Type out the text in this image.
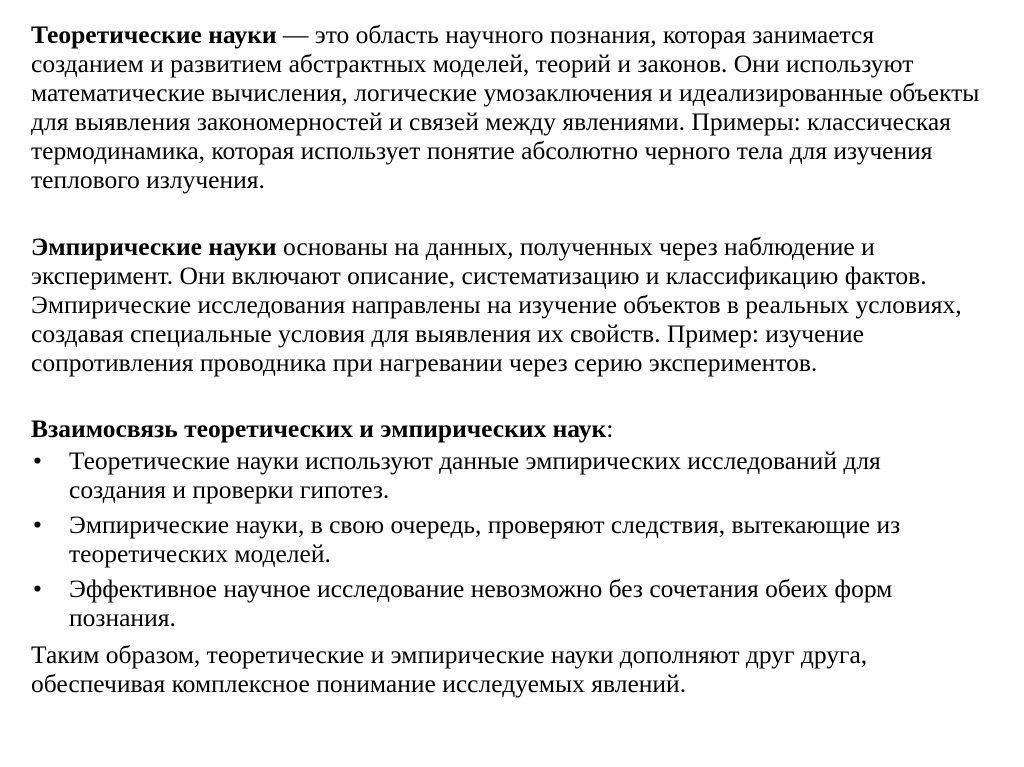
Теоретические науки — это область научного познания, которая занимается созданием и развитием абстрактных моделей, теорий и законов. Они используют математические вычисления, логические умозаключения и идеализированные объекты для выявления закономерностей и связей между явлениями. Примеры: классическая термодинамика, которая использует понятие абсолютно черного тела для изучения теплового излучения.

Эмпирические науки основаны на данных, полученных через наблюдение и эксперимент. Они включают описание, систематизацию и классификацию фактов. Эмпирические исследования направлены на изучение объектов в реальных условиях, создавая специальные условия для выявления их свойств. Пример: изучение сопротивления проводника при нагревании через серию экспериментов.

Взаимосвязь теоретических и эмпирических наук:

•	Теоретические науки используют данные эмпирических исследований для создания и проверки гипотез.
•	Эмпирические науки, в свою очередь, проверяют следствия, вытекающие из теоретических моделей.
•	Эффективное научное исследование невозможно без сочетания обеих форм познания.

Таким образом, теоретические и эмпирические науки дополняют друг друга, обеспечивая комплексное понимание исследуемых явлений.
